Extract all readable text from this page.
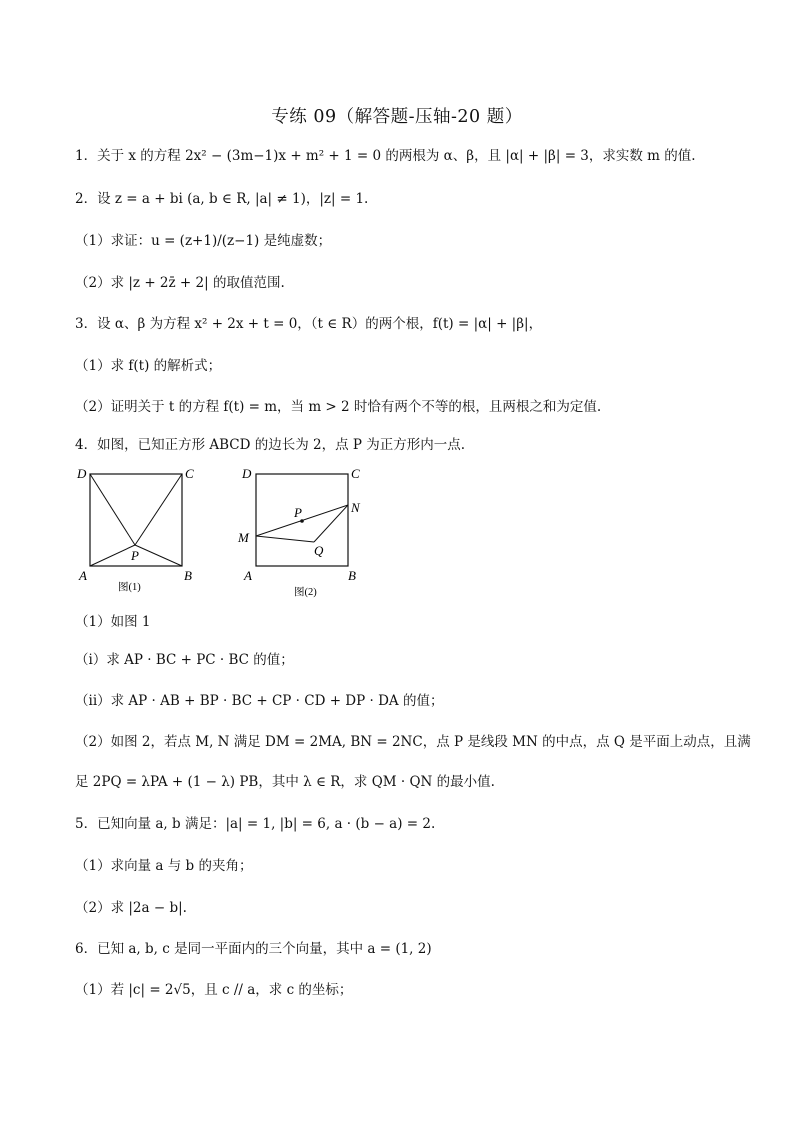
专练 09（解答题-压轴-20 题）
1．关于 x 的方程 2x² − (3m−1)x + m² + 1 = 0 的两根为 α、β，且 |α| + |β| = 3，求实数 m 的值.
2．设 z = a + bi (a, b ∈ R, |a| ≠ 1)，|z| = 1.
（1）求证：u = (z+1)/(z−1) 是纯虚数；
（2）求 |z + 2z̄ + 2| 的取值范围.
3．设 α、β 为方程 x² + 2x + t = 0，（t ∈ R）的两个根，f(t) = |α| + |β|，
（1）求 f(t) 的解析式；
（2）证明关于 t 的方程 f(t) = m，当 m > 2 时恰有两个不等的根，且两根之和为定值.
4．如图，已知正方形 ABCD 的边长为 2，点 P 为正方形内一点.
D	C
A	B
P
图(1)
D	C
N
M
P
Q
A	B
图(2)
（1）如图 1
（i）求 AP · BC + PC · BC 的值；
（ii）求 AP · AB + BP · BC + CP · CD + DP · DA 的值；
（2）如图 2，若点 M, N 满足 DM = 2MA, BN = 2NC，点 P 是线段 MN 的中点，点 Q 是平面上动点，且满
足 2PQ = λPA + (1 − λ) PB，其中 λ ∈ R，求 QM · QN 的最小值.
5．已知向量 a, b 满足：|a| = 1, |b| = 6, a · (b − a) = 2.
（1）求向量 a 与 b 的夹角；
（2）求 |2a − b|.
6．已知 a, b, c 是同一平面内的三个向量，其中 a = (1, 2)
（1）若 |c| = 2√5，且 c // a，求 c 的坐标；
